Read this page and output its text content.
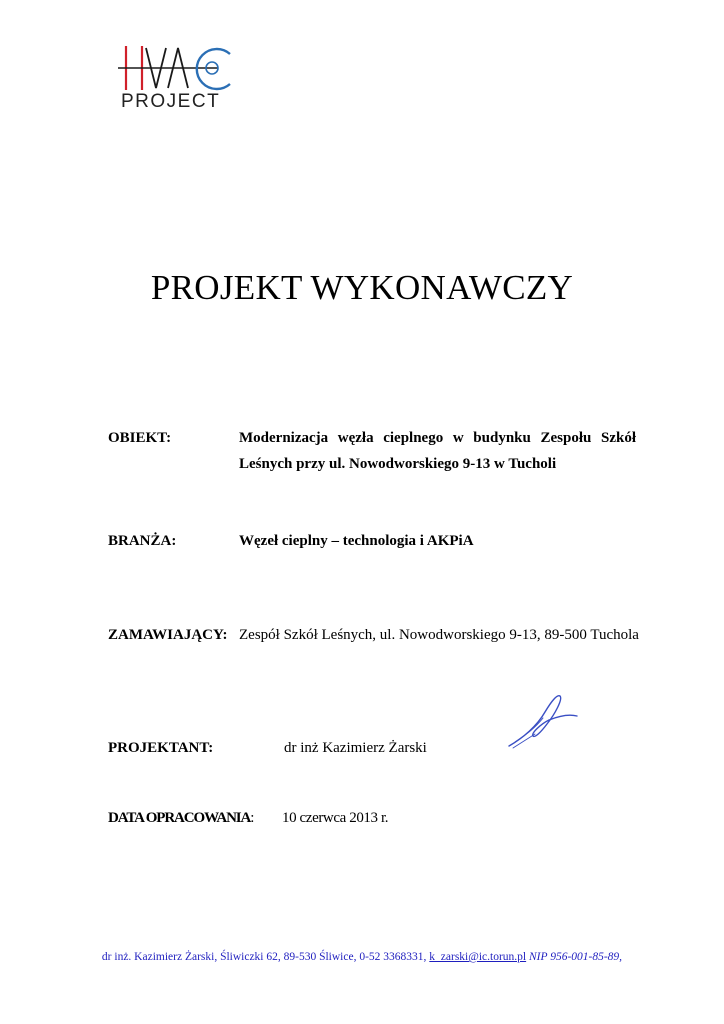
PROJECT
PROJEKT WYKONAWCZY
OBIEKT:	Modernizacja węzła cieplnego w budynku Zespołu Szkół
Leśnych przy ul. Nowodworskiego 9-13 w Tucholi
BRANŻA:	Węzeł cieplny – technologia i AKPiA
ZAMAWIAJĄCY: Zespół Szkół Leśnych, ul. Nowodworskiego 9-13, 89-500 Tuchola
PROJEKTANT:	dr inż Kazimierz Żarski
DATA OPRACOWANIA: 10 czerwca 2013 r.
dr inż. Kazimierz Żarski, Śliwiczki 62, 89-530 Śliwice, 0-52 3368331, k_zarski@ic.torun.pl NIP 956-001-85-89,
